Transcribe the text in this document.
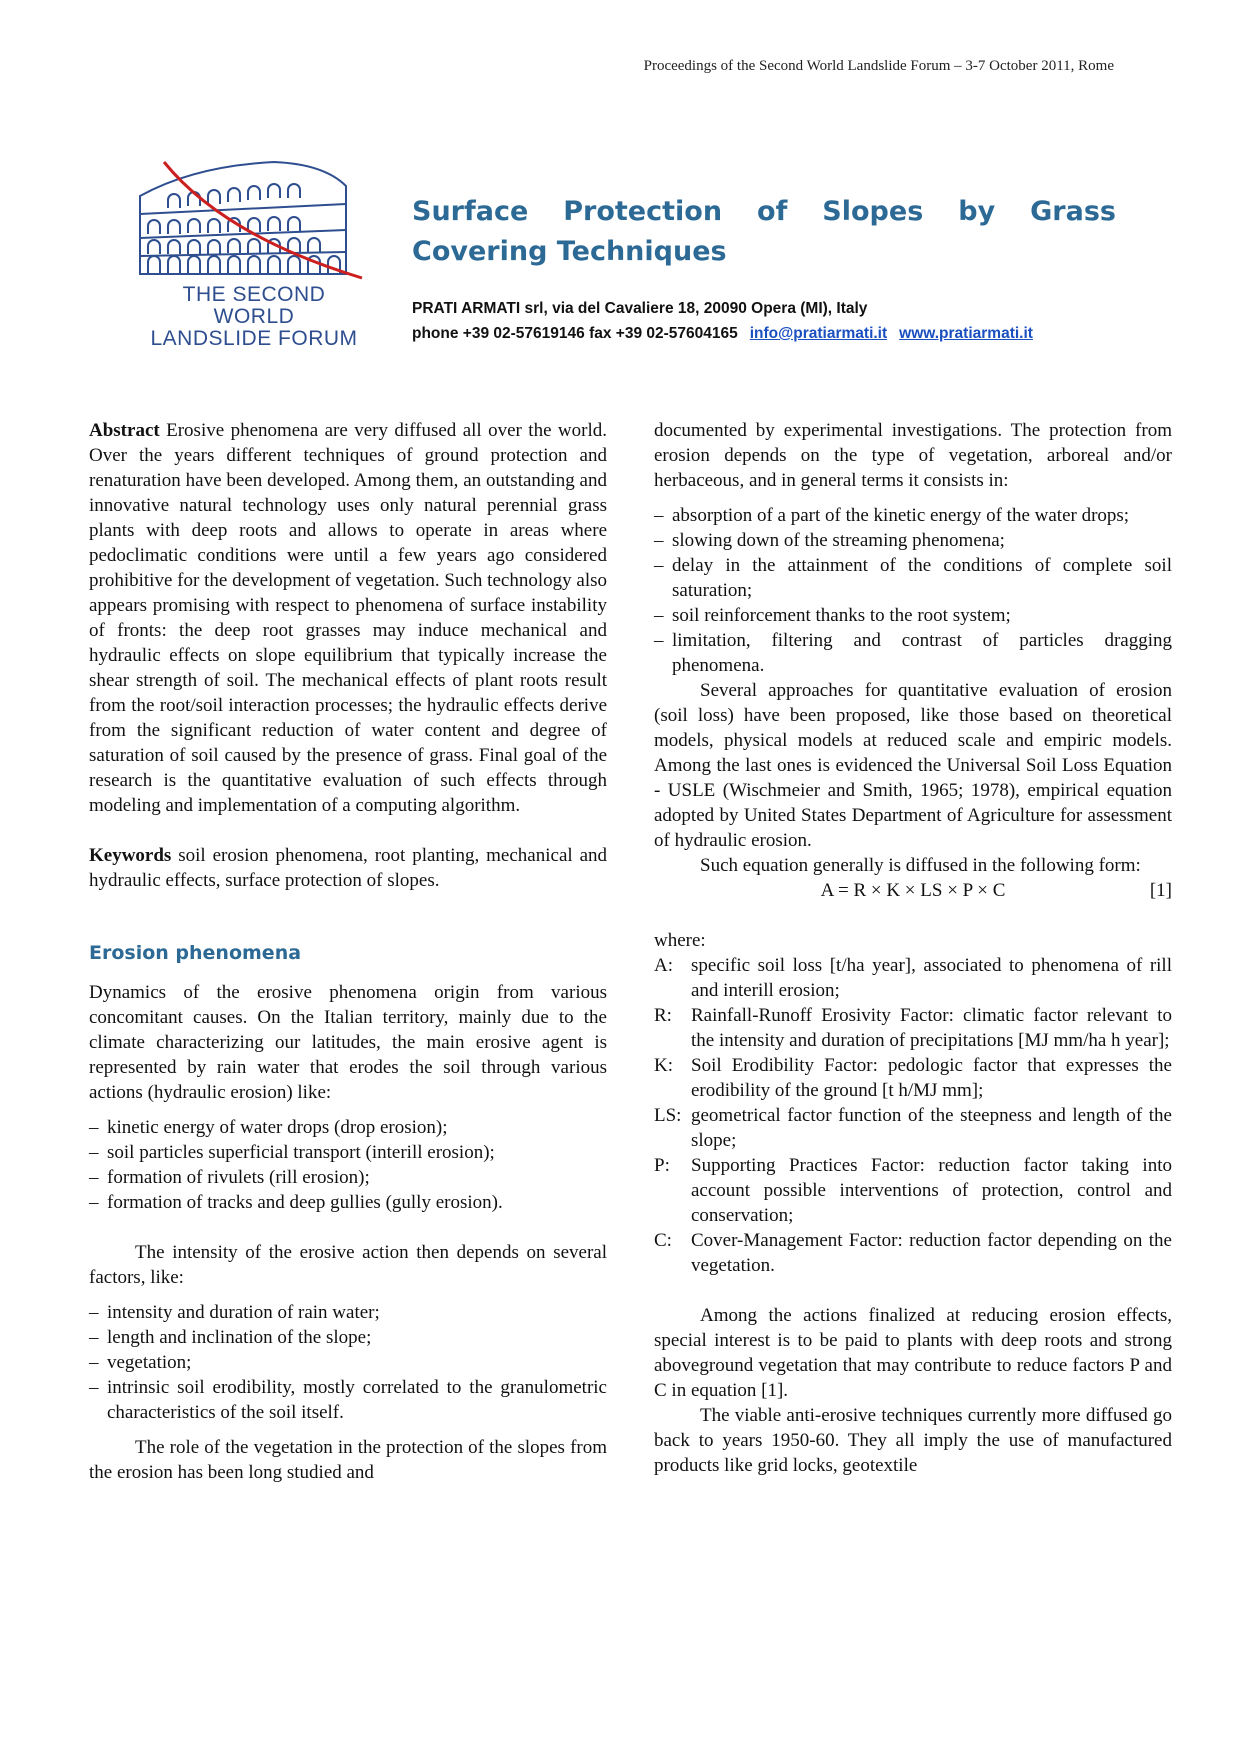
Proceedings of the Second World Landslide Forum – 3-7 October 2011, Rome
THE SECOND
WORLD
LANDSLIDE FORUM
Surface Protection of Slopes by Grass Covering Techniques
PRATI ARMATI srl, via del Cavaliere 18, 20090 Opera (MI), Italy
phone +39 02-57619146 fax +39 02-57604165 info@pratiarmati.it www.pratiarmati.it

Abstract Erosive phenomena are very diffused all over the world. Over the years different techniques of ground protection and renaturation have been developed. Among them, an outstanding and innovative natural technology uses only natural perennial grass plants with deep roots and allows to operate in areas where pedoclimatic conditions were until a few years ago considered prohibitive for the development of vegetation. Such technology also appears promising with respect to phenomena of surface instability of fronts: the deep root grasses may induce mechanical and hydraulic effects on slope equilibrium that typically increase the shear strength of soil. The mechanical effects of plant roots result from the root/soil interaction processes; the hydraulic effects derive from the significant reduction of water content and degree of saturation of soil caused by the presence of grass. Final goal of the research is the quantitative evaluation of such effects through modeling and implementation of a computing algorithm.

Keywords soil erosion phenomena, root planting, mechanical and hydraulic effects, surface protection of slopes.

Erosion phenomena

Dynamics of the erosive phenomena origin from various concomitant causes. On the Italian territory, mainly due to the climate characterizing our latitudes, the main erosive agent is represented by rain water that erodes the soil through various actions (hydraulic erosion) like:

– kinetic energy of water drops (drop erosion);
– soil particles superficial transport (interill erosion);
– formation of rivulets (rill erosion);
– formation of tracks and deep gullies (gully erosion).

The intensity of the erosive action then depends on several factors, like:

– intensity and duration of rain water;
– length and inclination of the slope;
– vegetation;
– intrinsic soil erodibility, mostly correlated to the granulometric characteristics of the soil itself.

The role of the vegetation in the protection of the slopes from the erosion has been long studied and

documented by experimental investigations. The protection from erosion depends on the type of vegetation, arboreal and/or herbaceous, and in general terms it consists in:

– absorption of a part of the kinetic energy of the water drops;
– slowing down of the streaming phenomena;
– delay in the attainment of the conditions of complete soil saturation;
– soil reinforcement thanks to the root system;
– limitation, filtering and contrast of particles dragging phenomena.

Several approaches for quantitative evaluation of erosion (soil loss) have been proposed, like those based on theoretical models, physical models at reduced scale and empiric models. Among the last ones is evidenced the Universal Soil Loss Equation - USLE (Wischmeier and Smith, 1965; 1978), empirical equation adopted by United States Department of Agriculture for assessment of hydraulic erosion.

Such equation generally is diffused in the following form:

A = R × K × LS × P × C	[1]

where:

A: specific soil loss [t/ha year], associated to phenomena of rill and interill erosion;
R:	Rainfall-Runoff Erosivity Factor: climatic factor relevant to the intensity and duration of precipitations [MJ mm/ha h year];
K: Soil Erodibility Factor: pedologic factor that expresses the erodibility of the ground [t h/MJ mm];
LS: geometrical factor function of the steepness and length of the slope;
P:	Supporting Practices Factor: reduction factor taking into account possible interventions of protection, control and conservation;
C:	Cover-Management Factor: reduction factor depending on the vegetation.

Among the actions finalized at reducing erosion effects, special interest is to be paid to plants with deep roots and strong aboveground vegetation that may contribute to reduce factors P and C in equation [1].

The viable anti-erosive techniques currently more diffused go back to years 1950-60. They all imply the use of manufactured products like grid locks, geotextile
